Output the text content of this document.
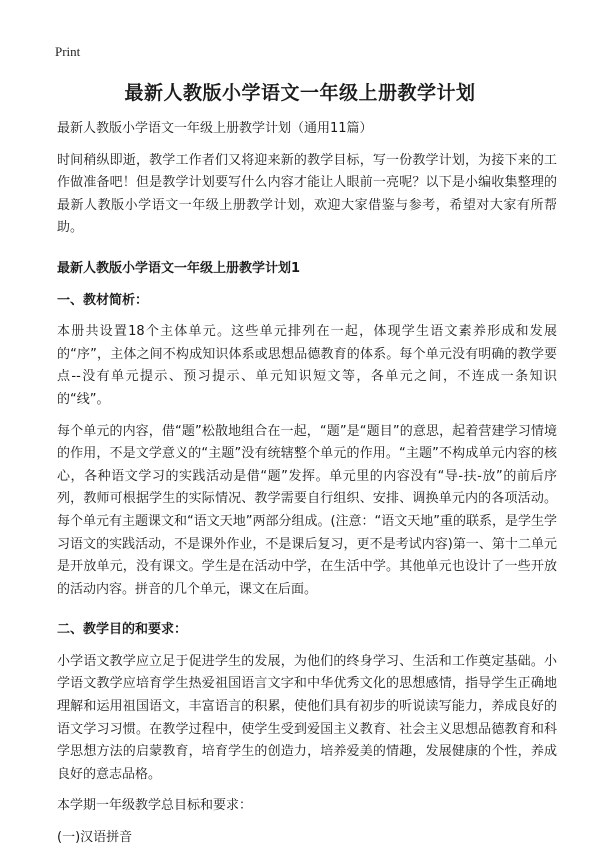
Print
最新人教版小学语文一年级上册教学计划

最新人教版小学语文一年级上册教学计划（通用11篇）

时间稍纵即逝，教学工作者们又将迎来新的教学目标，写一份教学计划，为接下来的工作做准备吧！但是教学计划要写什么内容才能让人眼前一亮呢？以下是小编收集整理的最新人教版小学语文一年级上册教学计划，欢迎大家借鉴与参考，希望对大家有所帮助。

最新人教版小学语文一年级上册教学计划1

一、教材简析：

本册共设置18个主体单元。这些单元排列在一起，体现学生语文素养形成和发展的“序”，主体之间不构成知识体系或思想品德教育的体系。每个单元没有明确的教学要点--没有单元提示、预习提示、单元知识短文等，各单元之间，不连成一条知识的“线”。

每个单元的内容，借“题”松散地组合在一起，“题”是“题目”的意思，起着营建学习情境的作用，不是文学意义的“主题”没有统辖整个单元的作用。“主题”不构成单元内容的核心，各种语文学习的实践活动是借“题”发挥。单元里的内容没有“导-扶-放”的前后序列，教师可根据学生的实际情况、教学需要自行组织、安排、调换单元内的各项活动。每个单元有主题课文和“语文天地”两部分组成。(注意：“语文天地”重的联系，是学生学习语文的实践活动，不是课外作业，不是课后复习，更不是考试内容)第一、第十二单元是开放单元，没有课文。学生是在活动中学，在生活中学。其他单元也设计了一些开放的活动内容。拼音的几个单元，课文在后面。

二、教学目的和要求：

小学语文教学应立足于促进学生的发展，为他们的终身学习、生活和工作奠定基础。小学语文教学应培育学生热爱祖国语言文字和中华优秀文化的思想感情，指导学生正确地理解和运用祖国语文，丰富语言的积累，使他们具有初步的听说读写能力，养成良好的语文学习习惯。在教学过程中，使学生受到爱国主义教育、社会主义思想品德教育和科学思想方法的启蒙教育，培育学生的创造力，培养爱美的情趣，发展健康的个性，养成良好的意志品格。

本学期一年级教学总目标和要求：

(一)汉语拼音
